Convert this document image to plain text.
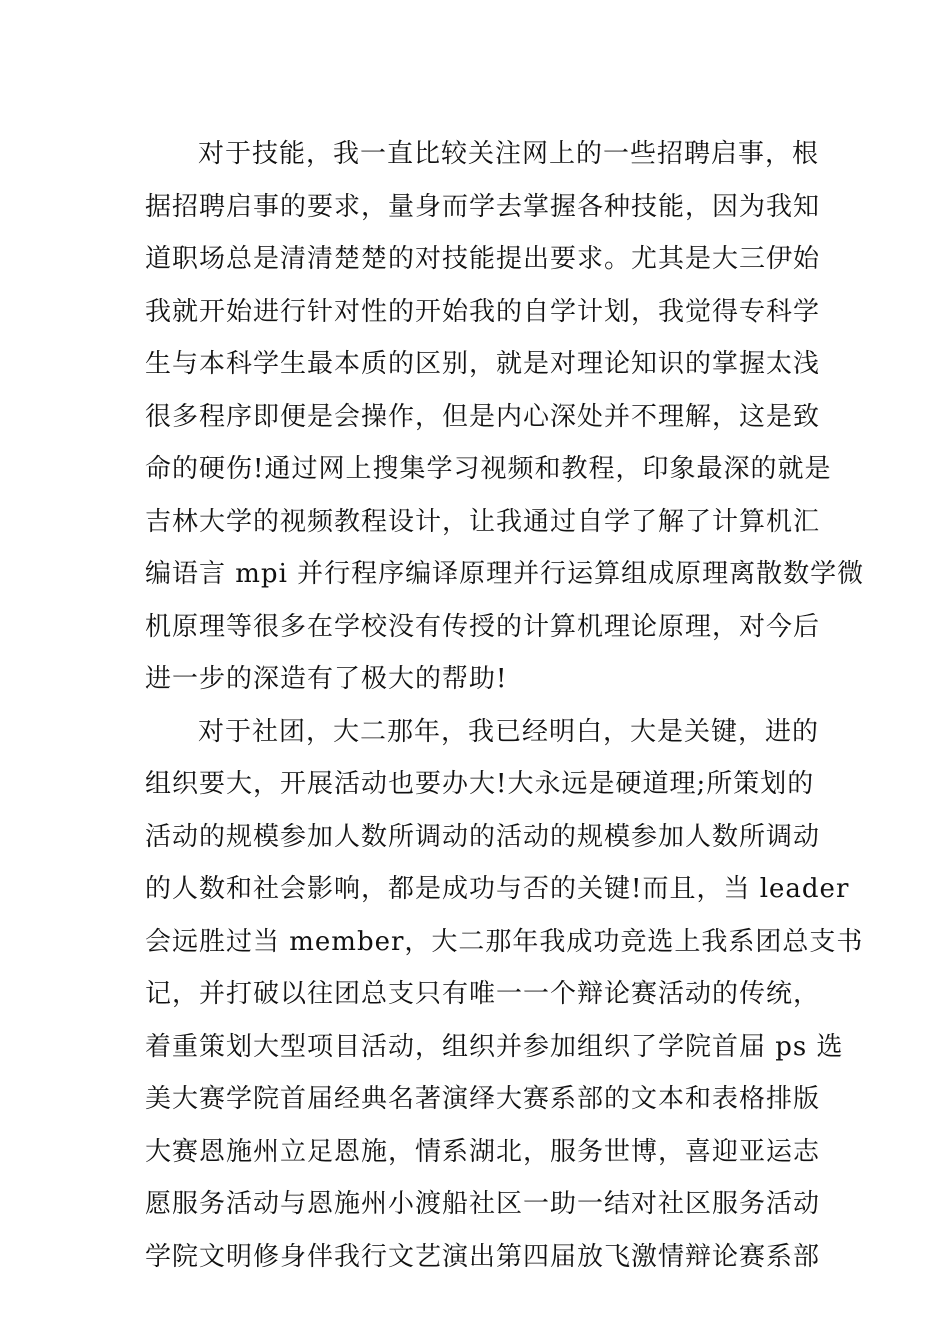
对于技能，我一直比较关注网上的一些招聘启事，根
据招聘启事的要求，量身而学去掌握各种技能，因为我知
道职场总是清清楚楚的对技能提出要求。尤其是大三伊始
我就开始进行针对性的开始我的自学计划，我觉得专科学
生与本科学生最本质的区别，就是对理论知识的掌握太浅
很多程序即便是会操作，但是内心深处并不理解，这是致
命的硬伤!通过网上搜集学习视频和教程，印象最深的就是
吉林大学的视频教程设计，让我通过自学了解了计算机汇
编语言 mpi 并行程序编译原理并行运算组成原理离散数学微
机原理等很多在学校没有传授的计算机理论原理，对今后
进一步的深造有了极大的帮助!
对于社团，大二那年，我已经明白，大是关键，进的
组织要大，开展活动也要办大!大永远是硬道理;所策划的
活动的规模参加人数所调动的活动的规模参加人数所调动
的人数和社会影响，都是成功与否的关键!而且，当 leader
会远胜过当 member，大二那年我成功竞选上我系团总支书
记，并打破以往团总支只有唯一一个辩论赛活动的传统，
着重策划大型项目活动，组织并参加组织了学院首届 ps 选
美大赛学院首届经典名著演绎大赛系部的文本和表格排版
大赛恩施州立足恩施，情系湖北，服务世博，喜迎亚运志
愿服务活动与恩施州小渡船社区一助一结对社区服务活动
学院文明修身伴我行文艺演出第四届放飞激情辩论赛系部
